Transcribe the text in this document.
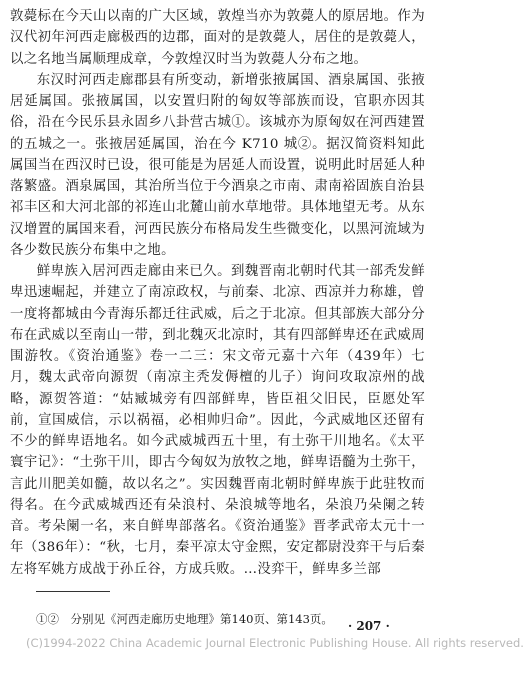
敦薨标在今天山以南的广大区域，敦煌当亦为敦薨人的原居地。作为汉代初年河西走廊极西的边郡，面对的是敦薨人，居住的是敦薨人，以之名地当属顺理成章，今敦煌汉时当为敦薨人分布之地。

东汉时河西走廊郡县有所变动，新增张掖属国、酒泉属国、张掖居延属国。张掖属国，以安置归附的匈奴等部族而设，官职亦因其俗，沿在今民乐县永固乡八卦营古城①。该城亦为原匈奴在河西建置的五城之一。张掖居延属国，治在今 K710 城②。据汉简资料知此属国当在西汉时已设，很可能是为居延人而设置，说明此时居延人种落繁盛。酒泉属国，其治所当位于今酒泉之市南、肃南裕固族自治县祁丰区和大河北部的祁连山北麓山前水草地带。具体地望无考。从东汉增置的属国来看，河西民族分布格局发生些微变化，以黑河流域为各少数民族分布集中之地。

鲜卑族入居河西走廊由来已久。到魏晋南北朝时代其一部秃发鲜卑迅速崛起，并建立了南凉政权，与前秦、北凉、西凉并力称雄，曾一度将都城由今青海乐都迁往武威，后之于北凉。但其部族大部分分布在武威以至南山一带，到北魏灭北凉时，其有四部鲜卑还在武威周围游牧。《资治通鉴》卷一二三：宋文帝元嘉十六年（439年）七月，魏太武帝向源贺（南凉主秃发傉檀的儿子）询问攻取凉州的战略，源贺答道：“姑臧城旁有四部鲜卑，皆臣祖父旧民，臣愿处军前，宣国威信，示以祸福，必相帅归命”。因此，今武威地区还留有不少的鲜卑语地名。如今武威城西五十里，有土弥干川地名。《太平寰宇记》：“土弥干川，即古今匈奴为放牧之地，鲜卑语髓为土弥干，言此川肥美如髓，故以名之”。实因魏晋南北朝时鲜卑族于此驻牧而得名。在今武威城西还有朵浪村、朵浪城等地名，朵浪乃朵阑之转音。考朵阑一名，来自鲜卑部落名。《资治通鉴》晋孝武帝太元十一年（386年）：“秋，七月，秦平凉太守金熙，安定都尉没弈干与后秦左将军姚方成战于孙丘谷，方成兵败。…没弈干，鲜卑多兰部

①②　分别见《河西走廊历史地理》第140页、第143页。 · 207 ·
(C)1994-2022 China Academic Journal Electronic Publishing House. All rights reserved.
